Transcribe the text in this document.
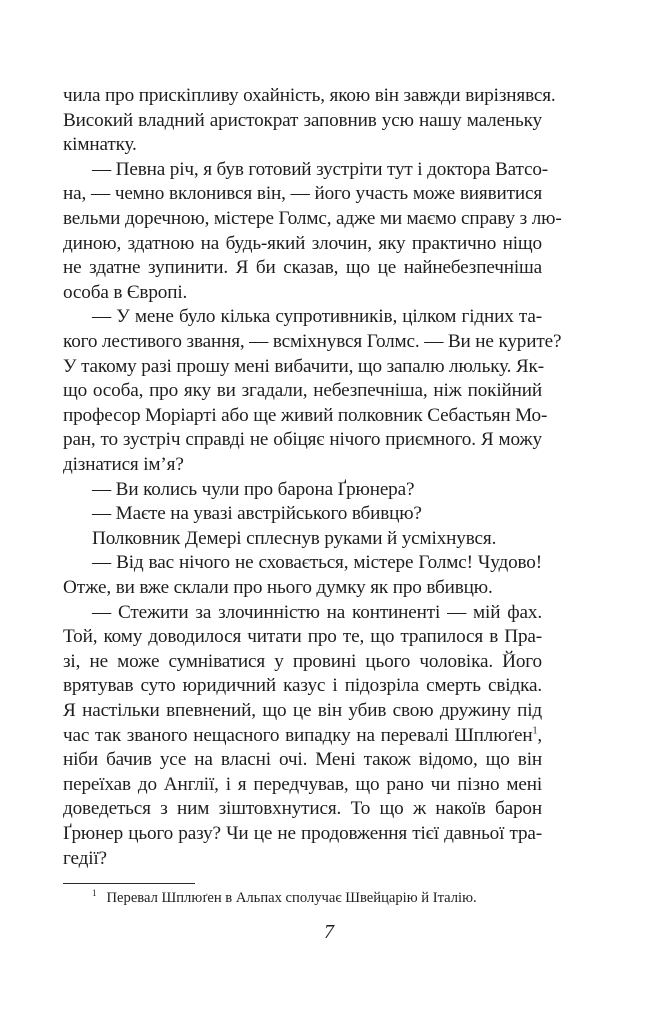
чила про прискіпливу охайність, якою він завжди вирізнявся.
Високий владний аристократ заповнив усю нашу маленьку
кімнатку.
— Певна річ, я був готовий зустріти тут і доктора Ватсо-
на, — чемно вклонився він, — його участь може виявитися
вельми доречною, містере Голмс, адже ми маємо справу з лю-
диною, здатною на будь-який злочин, яку практично ніщо
не здатне зупинити. Я би сказав, що це найнебезпечніша
особа в Європі.
— У мене було кілька супротивників, цілком гідних та-
кого лестивого звання, — всміхнувся Голмс. — Ви не курите?
У такому разі прошу мені вибачити, що запалю люльку. Як-
що особа, про яку ви згадали, небезпечніша, ніж покійний
професор Моріарті або ще живий полковник Себастьян Мо-
ран, то зустріч справді не обіцяє нічого приємного. Я можу
дізнатися ім’я?
— Ви колись чули про барона Ґрюнера?
— Маєте на увазі австрійського вбивцю?
Полковник Демері сплеснув руками й усміхнувся.
— Від вас нічого не сховається, містере Голмс! Чудово!
Отже, ви вже склали про нього думку як про вбивцю.
— Стежити за злочинністю на континенті — мій фах.
Той, кому доводилося читати про те, що трапилося в Пра-
зі, не може сумніватися у провині цього чоловіка. Його
врятував суто юридичний казус і підозріла смерть свідка.
Я настільки впевнений, що це він убив свою дружину під
час так званого нещасного випадку на перевалі Шплюґен$^1$,
ніби бачив усе на власні очі. Мені також відомо, що він
переїхав до Англії, і я передчував, що рано чи пізно мені
доведеться з ним зіштовхнутися. То що ж накоїв барон
Ґрюнер цього разу? Чи це не продовження тієї давньої тра-
гедії?
$^1$ Перевал Шплюґен в Альпах сполучає Швейцарію й Італію.
7
